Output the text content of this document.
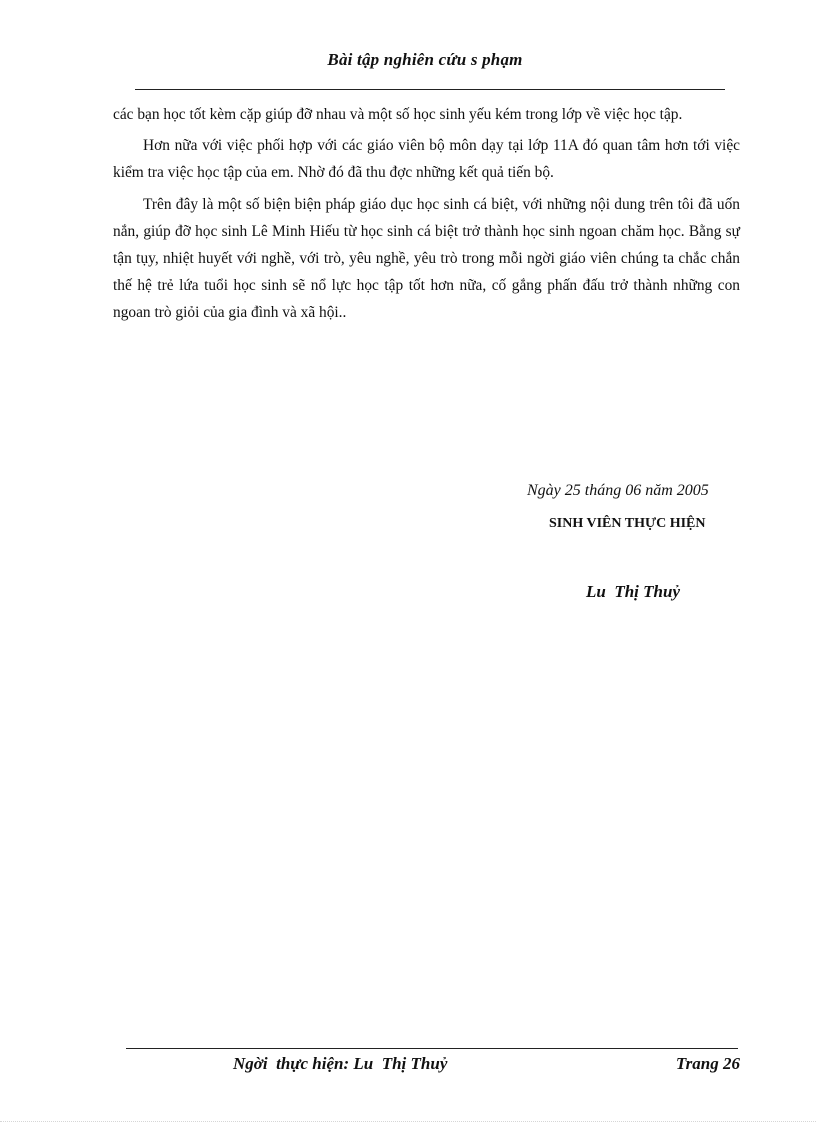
Bài tập nghiên cứu s phạm

các bạn học tốt kèm cặp giúp đỡ nhau và một số học sinh yếu kém trong lớp về việc học tập.

Hơn nữa với việc phối hợp với các giáo viên bộ môn dạy tại lớp 11A đó quan tâm hơn tới việc kiểm tra việc học tập của em. Nhờ đó đã thu đợc những kết quả tiến bộ.

Trên đây là một số biện biện pháp giáo dục học sinh cá biệt, với những nội dung trên tôi đã uốn nắn, giúp đỡ học sinh Lê Minh Hiếu từ học sinh cá biệt trở thành học sinh ngoan chăm học. Bằng sự tận tụy, nhiệt huyết với nghề, với trò, yêu nghề, yêu trò trong mỗi ngời giáo viên chúng ta chắc chắn thế hệ trẻ lứa tuổi học sinh sẽ nổ lực học tập tốt hơn nữa, cố gắng phấn đấu trở thành những con ngoan trò giỏi của gia đình và xã hội..

Ngày 25 tháng 06 năm 2005
SINH VIÊN THỰC HIỆN
Lu  Thị Thuỷ
Ngời  thực hiện: Lu  Thị Thuỷ	Trang 26
